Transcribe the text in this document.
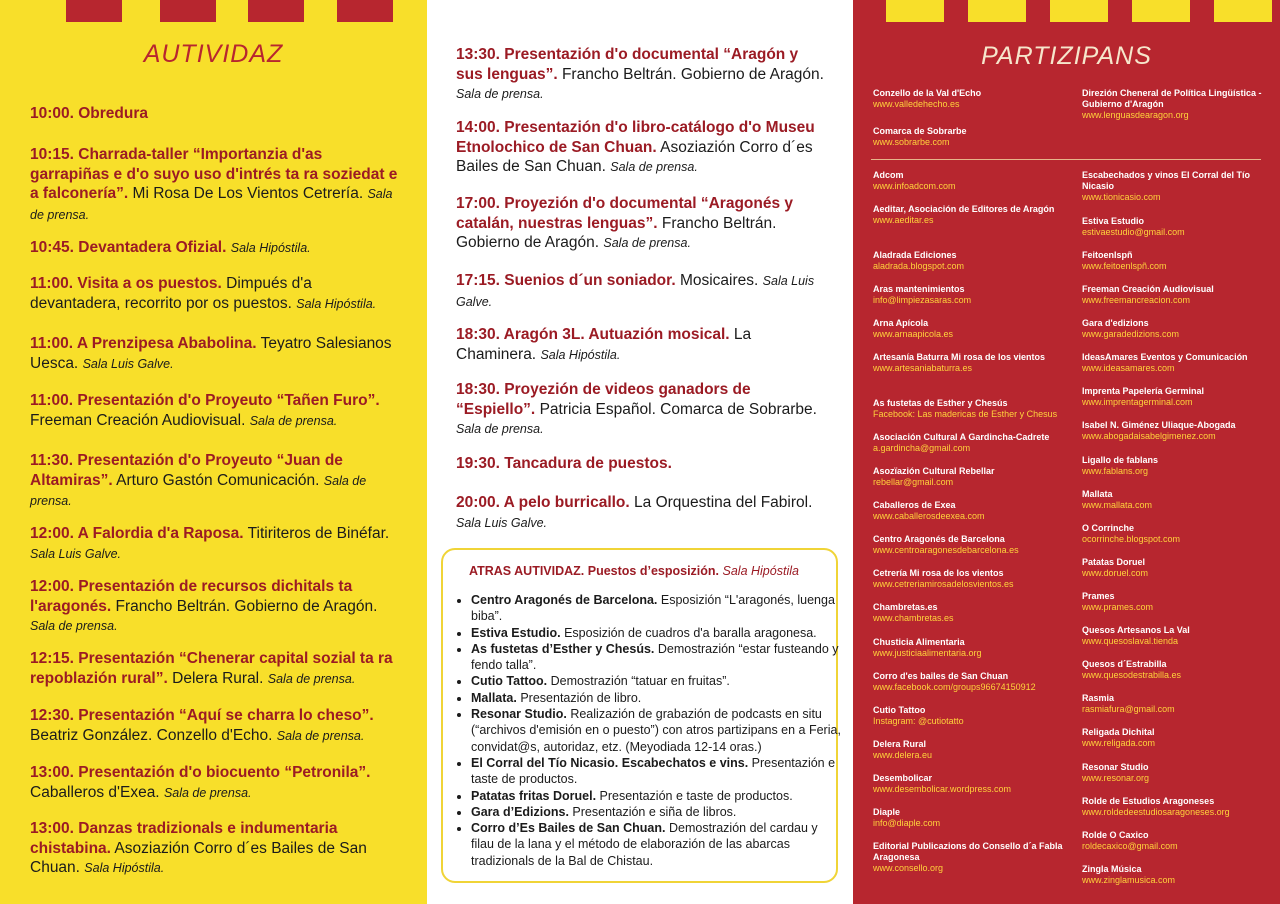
AUTIVIDAZ
10:00. Obredura
10:15. Charrada-taller “Importanzia d'as garrapiñas e d'o suyo uso d'intrés ta ra soziedat e a falconería”. Mi Rosa De Los Vientos Cetrería. Sala de prensa.
10:45. Devantadera Ofizial. Sala Hipóstila.
11:00. Visita a os puestos. Dimpués d'a devantadera, recorrito por os puestos. Sala Hipóstila.
11:00. A Prenzipesa Ababolina. Teyatro Salesianos Uesca. Sala Luis Galve.
11:00. Presentazión d'o Proyeuto “Tañen Furo”. Freeman Creación Audiovisual. Sala de prensa.
11:30. Presentazión d'o Proyeuto “Juan de Altamiras”. Arturo Gastón Comunicación. Sala de prensa.
12:00. A Falordia d'a Raposa. Titiriteros de Binéfar. Sala Luis Galve.
12:00. Presentazión de recursos dichitals ta l'aragonés. Francho Beltrán. Gobierno de Aragón. Sala de prensa.
12:15. Presentazión “Chenerar capital sozial ta ra repoblazión rural”. Delera Rural. Sala de prensa.
12:30. Presentazión “Aquí se charra lo cheso”. Beatriz González. Conzello d'Echo. Sala de prensa.
13:00. Presentazión d'o biocuento “Petronila”. Caballeros d'Exea. Sala de prensa.
13:00. Danzas tradizionals e indumentaria chistabina. Asoziazión Corro d´es Bailes de San Chuan. Sala Hipóstila.
ATRAS AUTIVIDAZ. Puestos d’esposizión. Sala Hipóstila
• Centro Aragonés de Barcelona. Esposizión “L'aragonés, luenga biba”.
• Estiva Estudio. Esposizión de cuadros d'a baralla aragonesa.
• As fustetas d’Esther y Chesús. Demostrazión “estar fusteando y fendo talla”.
• Cutio Tattoo. Demostrazión “tatuar en fruitas”.
• Mallata. Presentazión de libro.
• Resonar Studio. Realizazión de grabazión de podcasts en situ (“archivos d'emisión en o puesto”) con atros partizipans en a Feria, convidat@s, autoridaz, etz. (Meyodiada 12-14 oras.)
• El Corral del Tío Nicasio. Escabechatos e vins. Presentazión e taste de productos.
• Patatas fritas Doruel. Presentazión e taste de productos.
• Gara d’Edizions. Presentazión e siña de libros.
• Corro d’Es Bailes de San Chuan. Demostrazión del cardau y filau de la lana y el método de elaborazión de las abarcas tradizionals de la Bal de Chistau.
13:30. Presentazión d'o documental “Aragón y sus lenguas”. Francho Beltrán. Gobierno de Aragón. Sala de prensa.
14:00. Presentazión d'o libro-catálogo d'o Museu Etnolochico de San Chuan. Asoziazión Corro d´es Bailes de San Chuan. Sala de prensa.
17:00. Proyezión d'o documental “Aragonés y catalán, nuestras lenguas”. Francho Beltrán. Gobierno de Aragón. Sala de prensa.
17:15. Suenios d´un soniador. Mosicaires. Sala Luis Galve.
18:30. Aragón 3L. Autuazión mosical. La Chaminera. Sala Hipóstila.
18:30. Proyezión de videos ganadors de “Espiello”. Patricia Español. Comarca de Sobrarbe. Sala de prensa.
19:30. Tancadura de puestos.
20:00. A pelo burricallo. La Orquestina del Fabirol. Sala Luis Galve.
PARTIZIPANS
Conzello de la Val d'Echo
www.valledehecho.es
Comarca de Sobrarbe
www.sobrarbe.com
Direzión Cheneral de Política Lingüística - Gubierno d'Aragón
www.lenguasdearagon.org
Adcom
www.infoadcom.com
Aeditar, Asociación de Editores de Aragón
www.aeditar.es
Aladrada Ediciones
aladrada.blogspot.com
Aras mantenimientos
info@limpiezasaras.com
Arna Apícola
www.arnaapicola.es
Artesanía Baturra Mi rosa de los vientos
www.artesaniabaturra.es
As fustetas de Esther y Chesús
Facebook: Las madericas de Esther y Chesus
Asociación Cultural A Gardincha-Cadrete
a.gardincha@gmail.com
Asozïazión Cultural Rebellar
rebellar@gmail.com
Caballeros de Exea
www.caballerosdeexea.com
Centro Aragonés de Barcelona
www.centroaragonesdebarcelona.es
Cetrería Mi rosa de los vientos
www.cetreriamirosadelosvientos.es
Chambretas.es
www.chambretas.es
Chusticia Alimentaria
www.justiciaalimentaria.org
Corro d'es bailes de San Chuan
www.facebook.com/groups96674150912
Cutio Tattoo
Instagram: @cutiotatto
Delera Rural
www.delera.eu
Desembolicar
www.desembolicar.wordpress.com
Diaple
info@diaple.com
Editorial Publicazions do Consello d´a Fabla Aragonesa
www.consello.org
Escabechados y vinos El Corral del Tío Nicasio
www.tionicasio.com
Estiva Estudio
estivaestudio@gmail.com
Feitoenlspñ
www.feitoenlspñ.com
Freeman Creación Audiovisual
www.freemancreacion.com
Gara d'edizions
www.garadedizions.com
IdeasAmares Eventos y Comunicación
www.ideasamares.com
Imprenta Papelería Germinal
www.imprentagerminal.com
Isabel N. Giménez Uliaque-Abogada
www.abogadaisabelgimenez.com
Ligallo de fablans
www.fablans.org
Mallata
www.mallata.com
O Corrinche
ocorrinche.blogspot.com
Patatas Doruel
www.doruel.com
Prames
www.prames.com
Quesos Artesanos La Val
www.quesoslaval.tienda
Quesos d´Estrabilla
www.quesodestrabilla.es
Rasmia
rasmiafura@gmail.com
Religada Dichital
www.religada.com
Resonar Studio
www.resonar.org
Rolde de Estudios Aragoneses
www.roldedeestudiosaragoneses.org
Rolde O Caxico
roldecaxico@gmail.com
Zingla Música
www.zinglamusica.com
